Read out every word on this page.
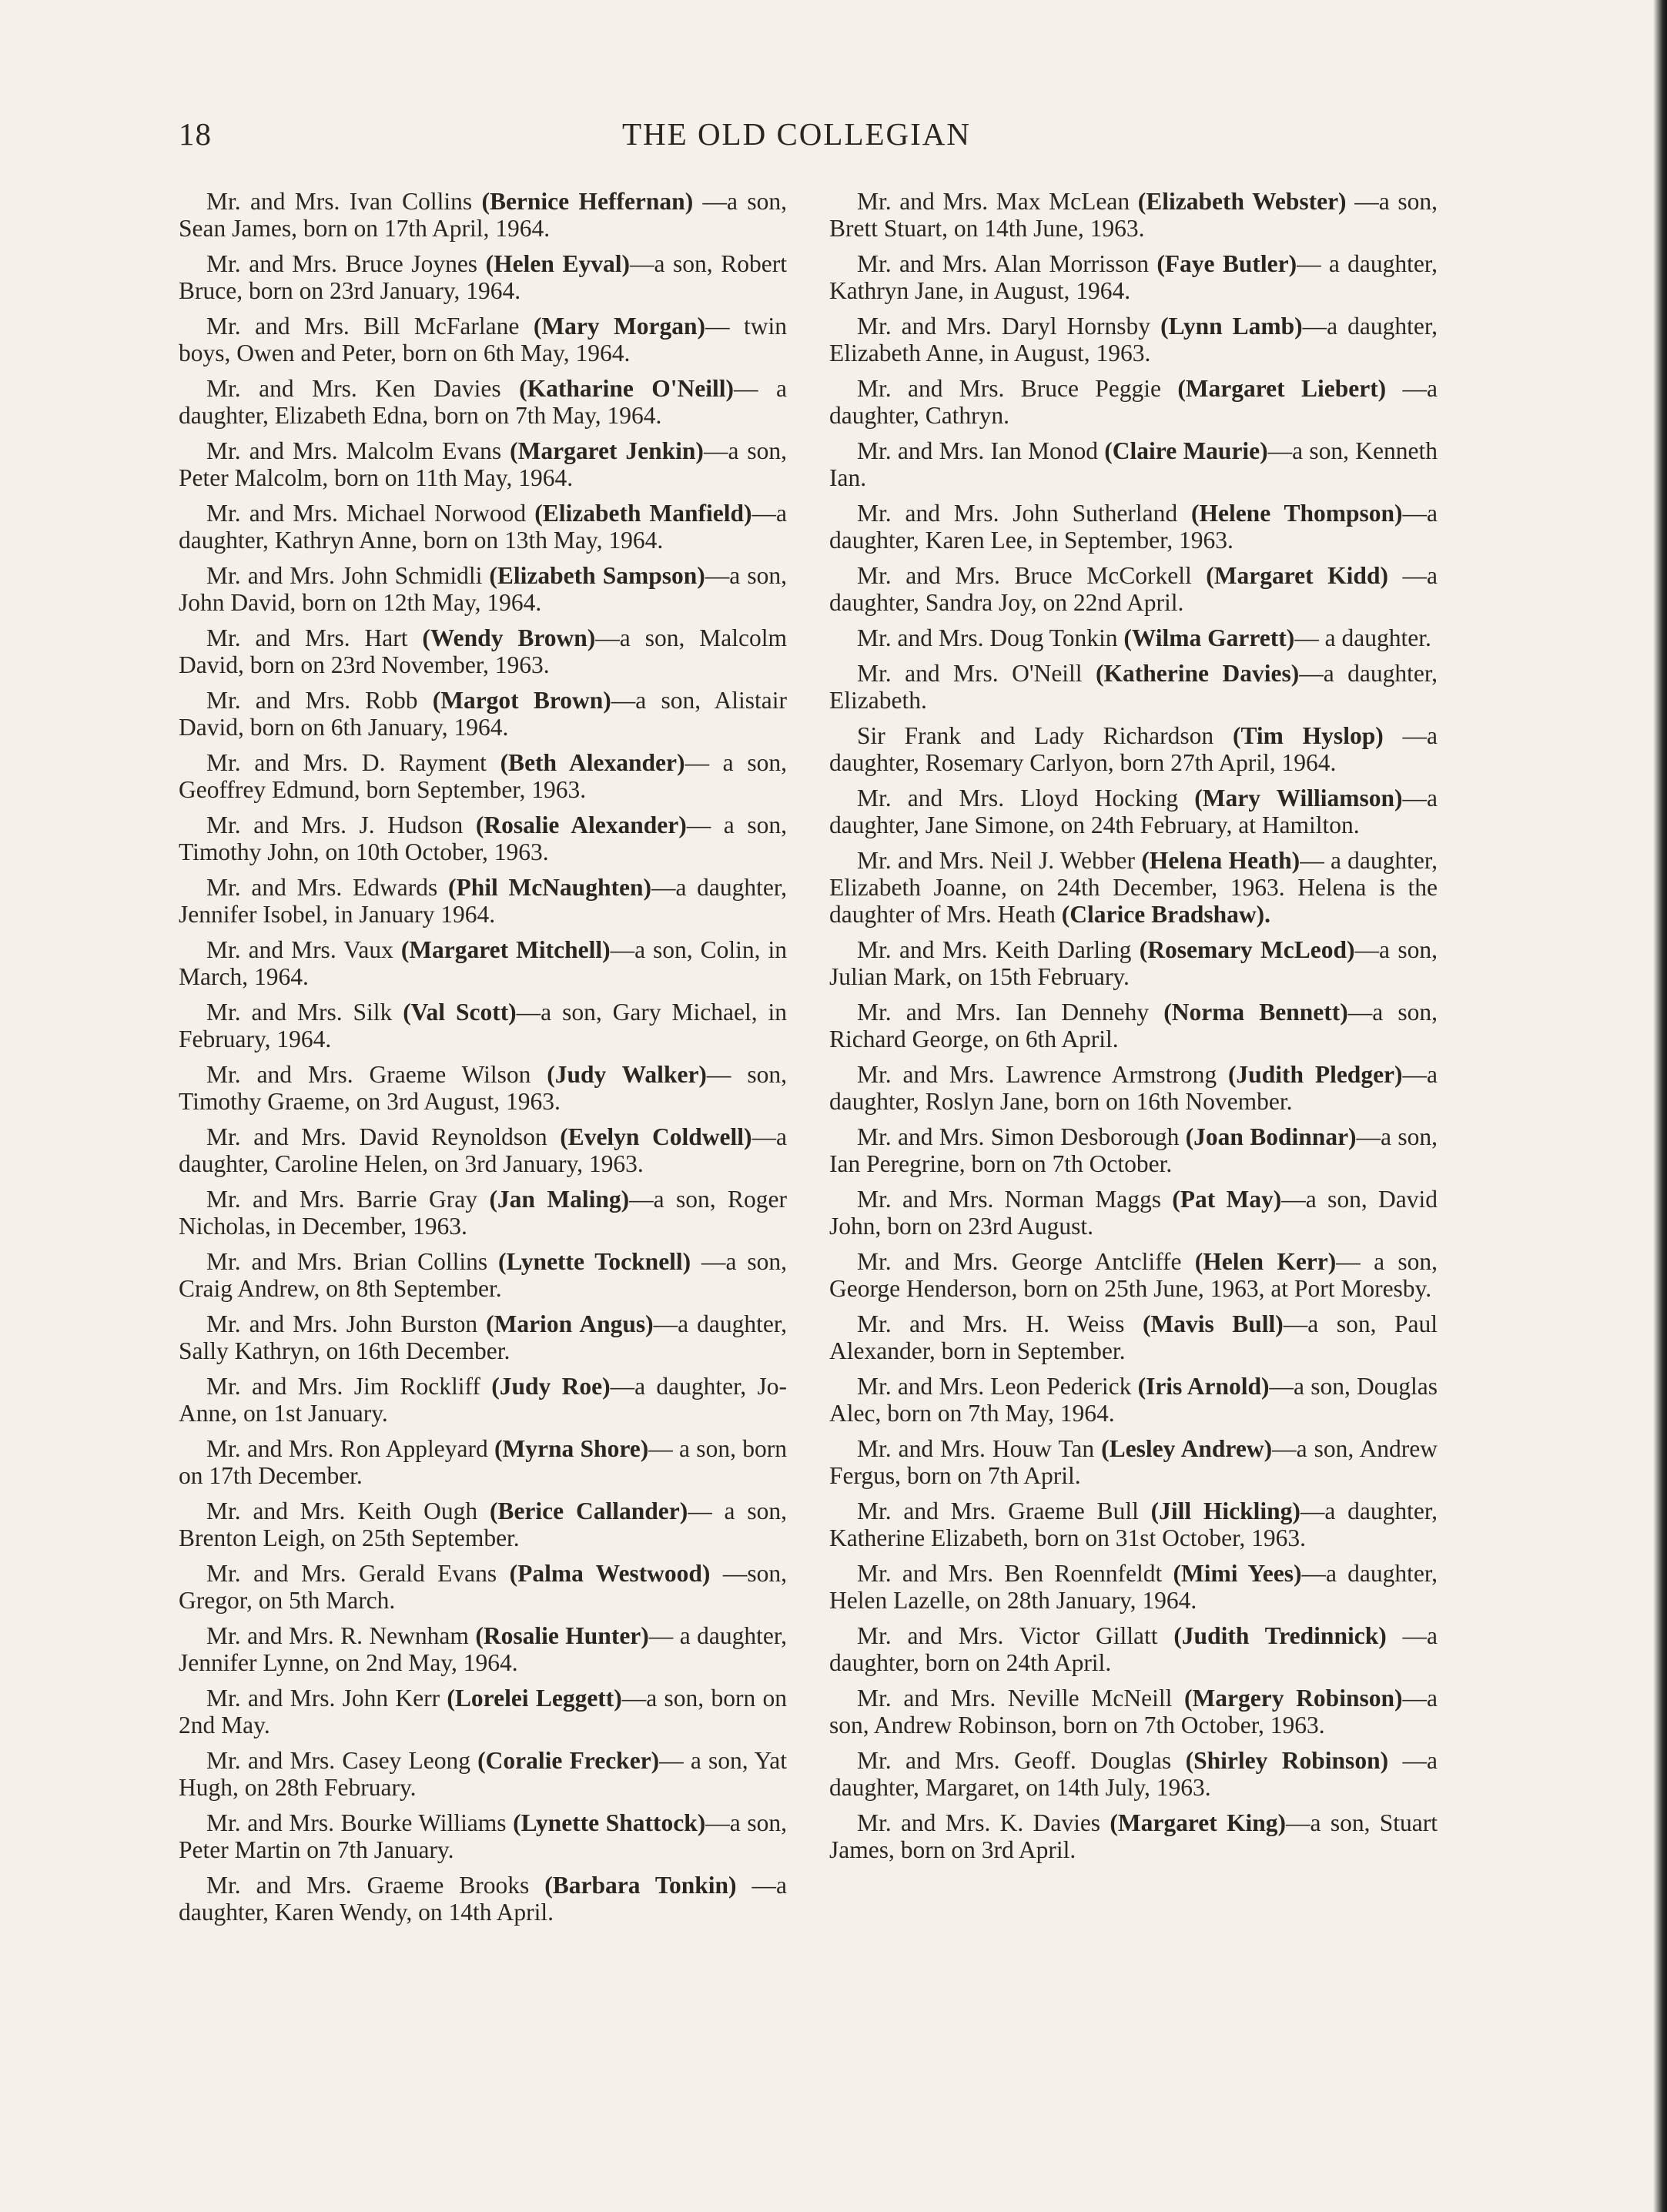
18	THE OLD COLLEGIAN

Mr. and Mrs. Ivan Collins (Bernice Heffernan) —a son, Sean James, born on 17th April, 1964.

Mr. and Mrs. Bruce Joynes (Helen Eyval)—a son, Robert Bruce, born on 23rd January, 1964.

Mr. and Mrs. Bill McFarlane (Mary Morgan)— twin boys, Owen and Peter, born on 6th May, 1964.

Mr. and Mrs. Ken Davies (Katharine O'Neill)— a daughter, Elizabeth Edna, born on 7th May, 1964.

Mr. and Mrs. Malcolm Evans (Margaret Jenkin)—a son, Peter Malcolm, born on 11th May, 1964.

Mr. and Mrs. Michael Norwood (Elizabeth Manfield)—a daughter, Kathryn Anne, born on 13th May, 1964.

Mr. and Mrs. John Schmidli (Elizabeth Sampson)—a son, John David, born on 12th May, 1964.

Mr. and Mrs. Hart (Wendy Brown)—a son, Malcolm David, born on 23rd November, 1963.

Mr. and Mrs. Robb (Margot Brown)—a son, Alistair David, born on 6th January, 1964.

Mr. and Mrs. D. Rayment (Beth Alexander)— a son, Geoffrey Edmund, born September, 1963.

Mr. and Mrs. J. Hudson (Rosalie Alexander)— a son, Timothy John, on 10th October, 1963.

Mr. and Mrs. Edwards (Phil McNaughten)—a daughter, Jennifer Isobel, in January 1964.

Mr. and Mrs. Vaux (Margaret Mitchell)—a son, Colin, in March, 1964.

Mr. and Mrs. Silk (Val Scott)—a son, Gary Michael, in February, 1964.

Mr. and Mrs. Graeme Wilson (Judy Walker)— son, Timothy Graeme, on 3rd August, 1963.

Mr. and Mrs. David Reynoldson (Evelyn Coldwell)—a daughter, Caroline Helen, on 3rd January, 1963.

Mr. and Mrs. Barrie Gray (Jan Maling)—a son, Roger Nicholas, in December, 1963.

Mr. and Mrs. Brian Collins (Lynette Tocknell) —a son, Craig Andrew, on 8th September.

Mr. and Mrs. John Burston (Marion Angus)—a daughter, Sally Kathryn, on 16th December.

Mr. and Mrs. Jim Rockliff (Judy Roe)—a daughter, Jo-Anne, on 1st January.

Mr. and Mrs. Ron Appleyard (Myrna Shore)— a son, born on 17th December.

Mr. and Mrs. Keith Ough (Berice Callander)— a son, Brenton Leigh, on 25th September.

Mr. and Mrs. Gerald Evans (Palma Westwood) —son, Gregor, on 5th March.

Mr. and Mrs. R. Newnham (Rosalie Hunter)— a daughter, Jennifer Lynne, on 2nd May, 1964.

Mr. and Mrs. John Kerr (Lorelei Leggett)—a son, born on 2nd May.

Mr. and Mrs. Casey Leong (Coralie Frecker)— a son, Yat Hugh, on 28th February.

Mr. and Mrs. Bourke Williams (Lynette Shattock)—a son, Peter Martin on 7th January.

Mr. and Mrs. Graeme Brooks (Barbara Tonkin) —a daughter, Karen Wendy, on 14th April.

Mr. and Mrs. Max McLean (Elizabeth Webster) —a son, Brett Stuart, on 14th June, 1963.

Mr. and Mrs. Alan Morrisson (Faye Butler)— a daughter, Kathryn Jane, in August, 1964.

Mr. and Mrs. Daryl Hornsby (Lynn Lamb)—a daughter, Elizabeth Anne, in August, 1963.

Mr. and Mrs. Bruce Peggie (Margaret Liebert) —a daughter, Cathryn.

Mr. and Mrs. Ian Monod (Claire Maurie)—a son, Kenneth Ian.

Mr. and Mrs. John Sutherland (Helene Thompson)—a daughter, Karen Lee, in September, 1963.

Mr. and Mrs. Bruce McCorkell (Margaret Kidd) —a daughter, Sandra Joy, on 22nd April.

Mr. and Mrs. Doug Tonkin (Wilma Garrett)— a daughter.

Mr. and Mrs. O'Neill (Katherine Davies)—a daughter, Elizabeth.

Sir Frank and Lady Richardson (Tim Hyslop) —a daughter, Rosemary Carlyon, born 27th April, 1964.

Mr. and Mrs. Lloyd Hocking (Mary Williamson)—a daughter, Jane Simone, on 24th February, at Hamilton.

Mr. and Mrs. Neil J. Webber (Helena Heath)— a daughter, Elizabeth Joanne, on 24th December, 1963. Helena is the daughter of Mrs. Heath (Clarice Bradshaw).

Mr. and Mrs. Keith Darling (Rosemary McLeod)—a son, Julian Mark, on 15th February.

Mr. and Mrs. Ian Dennehy (Norma Bennett)—a son, Richard George, on 6th April.

Mr. and Mrs. Lawrence Armstrong (Judith Pledger)—a daughter, Roslyn Jane, born on 16th November.

Mr. and Mrs. Simon Desborough (Joan Bodinnar)—a son, Ian Peregrine, born on 7th October.

Mr. and Mrs. Norman Maggs (Pat May)—a son, David John, born on 23rd August.

Mr. and Mrs. George Antcliffe (Helen Kerr)— a son, George Henderson, born on 25th June, 1963, at Port Moresby.

Mr. and Mrs. H. Weiss (Mavis Bull)—a son, Paul Alexander, born in September.

Mr. and Mrs. Leon Pederick (Iris Arnold)—a son, Douglas Alec, born on 7th May, 1964.

Mr. and Mrs. Houw Tan (Lesley Andrew)—a son, Andrew Fergus, born on 7th April.

Mr. and Mrs. Graeme Bull (Jill Hickling)—a daughter, Katherine Elizabeth, born on 31st October, 1963.

Mr. and Mrs. Ben Roennfeldt (Mimi Yees)—a daughter, Helen Lazelle, on 28th January, 1964.

Mr. and Mrs. Victor Gillatt (Judith Tredinnick) —a daughter, born on 24th April.

Mr. and Mrs. Neville McNeill (Margery Robinson)—a son, Andrew Robinson, born on 7th October, 1963.

Mr. and Mrs. Geoff. Douglas (Shirley Robinson) —a daughter, Margaret, on 14th July, 1963.

Mr. and Mrs. K. Davies (Margaret King)—a son, Stuart James, born on 3rd April.
